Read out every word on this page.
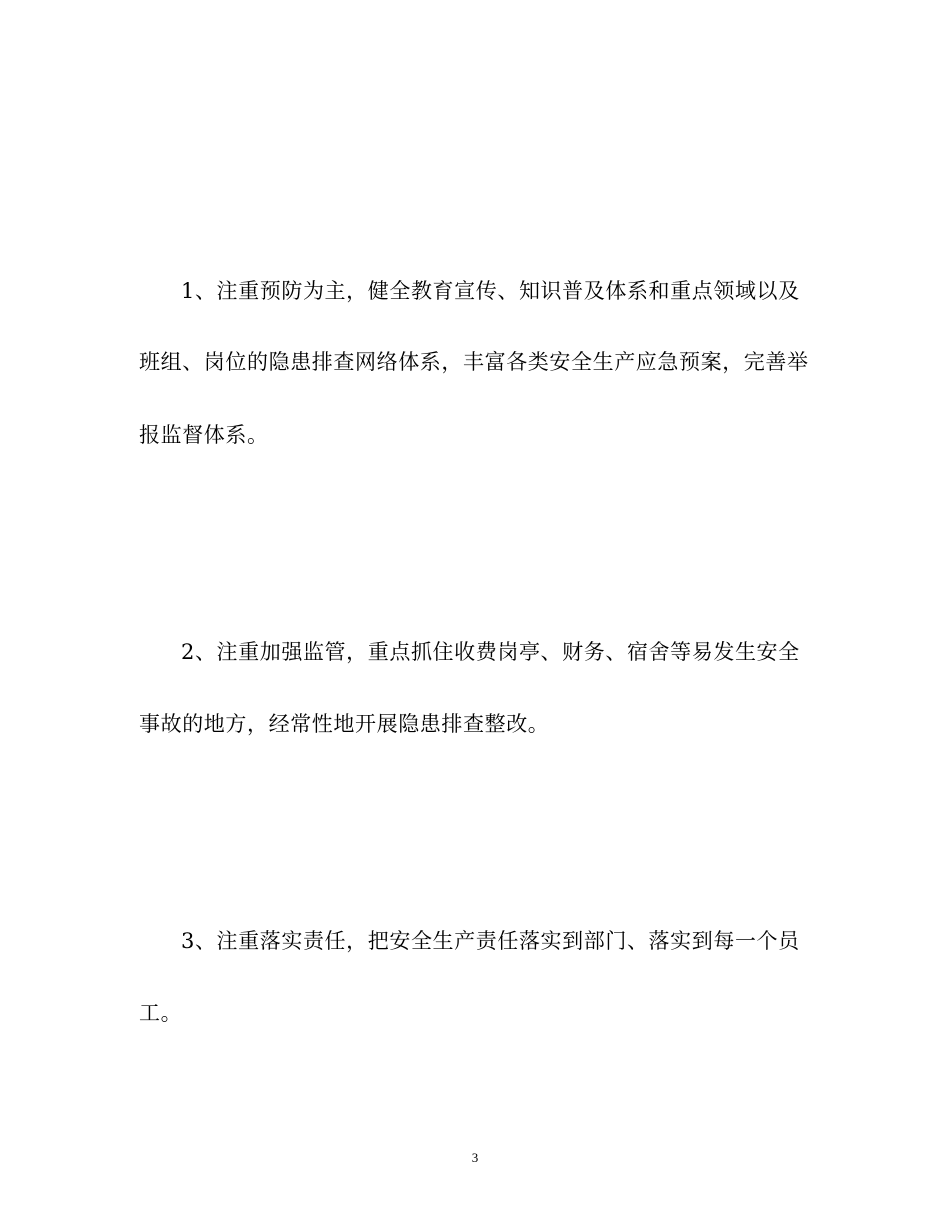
1、注重预防为主，健全教育宣传、知识普及体系和重点领域以及
班组、岗位的隐患排查网络体系，丰富各类安全生产应急预案，完善举
报监督体系。
2、注重加强监管，重点抓住收费岗亭、财务、宿舍等易发生安全
事故的地方，经常性地开展隐患排查整改。
3、注重落实责任，把安全生产责任落实到部门、落实到每一个员
工。
3
